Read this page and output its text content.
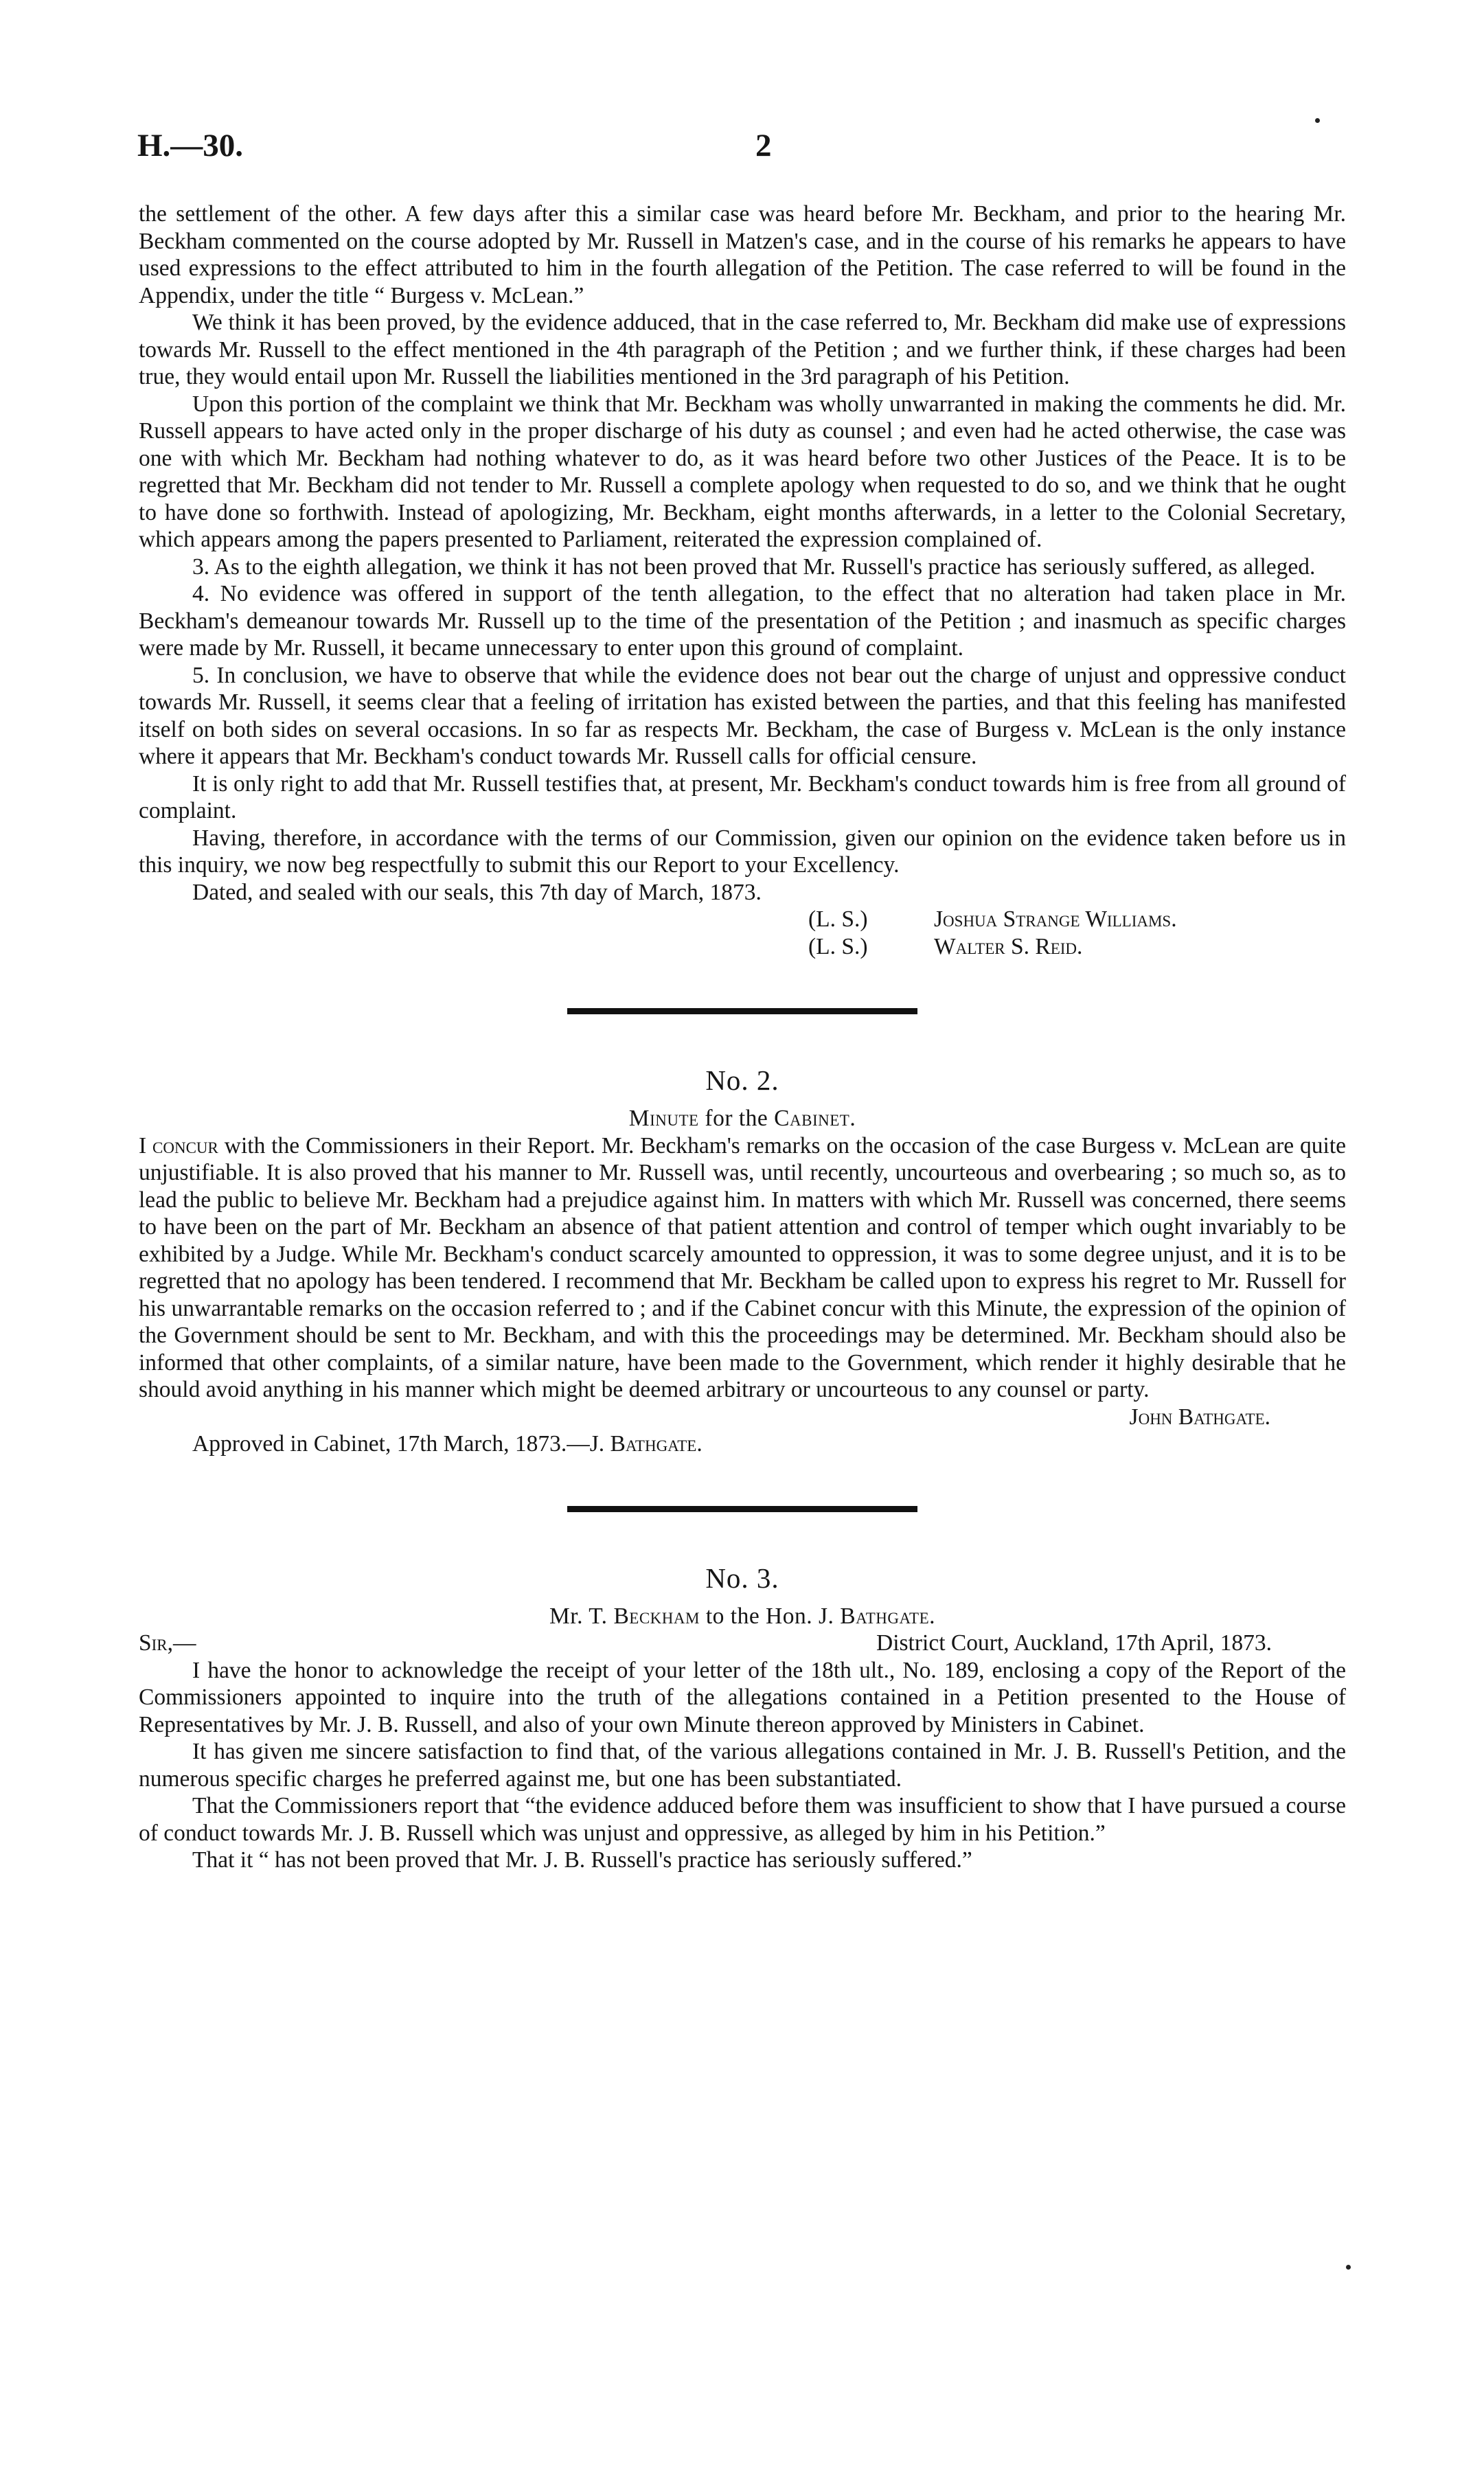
H.—30.	2

the settlement of the other. A few days after this a similar case was heard before Mr. Beckham, and prior to the hearing Mr. Beckham commented on the course adopted by Mr. Russell in Matzen's case, and in the course of his remarks he appears to have used expressions to the effect attributed to him in the fourth allegation of the Petition. The case referred to will be found in the Appendix, under the title “ Burgess v. McLean.”

We think it has been proved, by the evidence adduced, that in the case referred to, Mr. Beckham did make use of expressions towards Mr. Russell to the effect mentioned in the 4th paragraph of the Petition ; and we further think, if these charges had been true, they would entail upon Mr. Russell the liabilities mentioned in the 3rd paragraph of his Petition.

Upon this portion of the complaint we think that Mr. Beckham was wholly unwarranted in making the comments he did. Mr. Russell appears to have acted only in the proper discharge of his duty as counsel ; and even had he acted otherwise, the case was one with which Mr. Beckham had nothing whatever to do, as it was heard before two other Justices of the Peace. It is to be regretted that Mr. Beckham did not tender to Mr. Russell a complete apology when requested to do so, and we think that he ought to have done so forthwith. Instead of apologizing, Mr. Beckham, eight months afterwards, in a letter to the Colonial Secretary, which appears among the papers presented to Parliament, reiterated the expression complained of.

3. As to the eighth allegation, we think it has not been proved that Mr. Russell's practice has seriously suffered, as alleged.

4. No evidence was offered in support of the tenth allegation, to the effect that no alteration had taken place in Mr. Beckham's demeanour towards Mr. Russell up to the time of the presentation of the Petition ; and inasmuch as specific charges were made by Mr. Russell, it became unnecessary to enter upon this ground of complaint.

5. In conclusion, we have to observe that while the evidence does not bear out the charge of unjust and oppressive conduct towards Mr. Russell, it seems clear that a feeling of irritation has existed between the parties, and that this feeling has manifested itself on both sides on several occasions. In so far as respects Mr. Beckham, the case of Burgess v. McLean is the only instance where it appears that Mr. Beckham's conduct towards Mr. Russell calls for official censure.

It is only right to add that Mr. Russell testifies that, at present, Mr. Beckham's conduct towards him is free from all ground of complaint.

Having, therefore, in accordance with the terms of our Commission, given our opinion on the evidence taken before us in this inquiry, we now beg respectfully to submit this our Report to your Excellency.

Dated, and sealed with our seals, this 7th day of March, 1873.

(L. S.)	Joshua Strange Williams.
(L. S.)	Walter S. Reid.
No. 2.
Minute for the Cabinet.

I concur with the Commissioners in their Report. Mr. Beckham's remarks on the occasion of the case Burgess v. McLean are quite unjustifiable. It is also proved that his manner to Mr. Russell was, until recently, uncourteous and overbearing ; so much so, as to lead the public to believe Mr. Beckham had a prejudice against him. In matters with which Mr. Russell was concerned, there seems to have been on the part of Mr. Beckham an absence of that patient attention and control of temper which ought invariably to be exhibited by a Judge. While Mr. Beckham's conduct scarcely amounted to oppression, it was to some degree unjust, and it is to be regretted that no apology has been tendered. I recommend that Mr. Beckham be called upon to express his regret to Mr. Russell for his unwarrantable remarks on the occasion referred to ; and if the Cabinet concur with this Minute, the expression of the opinion of the Government should be sent to Mr. Beckham, and with this the proceedings may be determined. Mr. Beckham should also be informed that other complaints, of a similar nature, have been made to the Government, which render it highly desirable that he should avoid anything in his manner which might be deemed arbitrary or uncourteous to any counsel or party.

John Bathgate.

Approved in Cabinet, 17th March, 1873.—J. Bathgate.

No. 3.
Mr. T. Beckham to the Hon. J. Bathgate.
Sir,—	District Court, Auckland, 17th April, 1873.

I have the honor to acknowledge the receipt of your letter of the 18th ult., No. 189, enclosing a copy of the Report of the Commissioners appointed to inquire into the truth of the allegations contained in a Petition presented to the House of Representatives by Mr. J. B. Russell, and also of your own Minute thereon approved by Ministers in Cabinet.

It has given me sincere satisfaction to find that, of the various allegations contained in Mr. J. B. Russell's Petition, and the numerous specific charges he preferred against me, but one has been substantiated.

That the Commissioners report that “the evidence adduced before them was insufficient to show that I have pursued a course of conduct towards Mr. J. B. Russell which was unjust and oppressive, as alleged by him in his Petition.”

That it “ has not been proved that Mr. J. B. Russell's practice has seriously suffered.”
